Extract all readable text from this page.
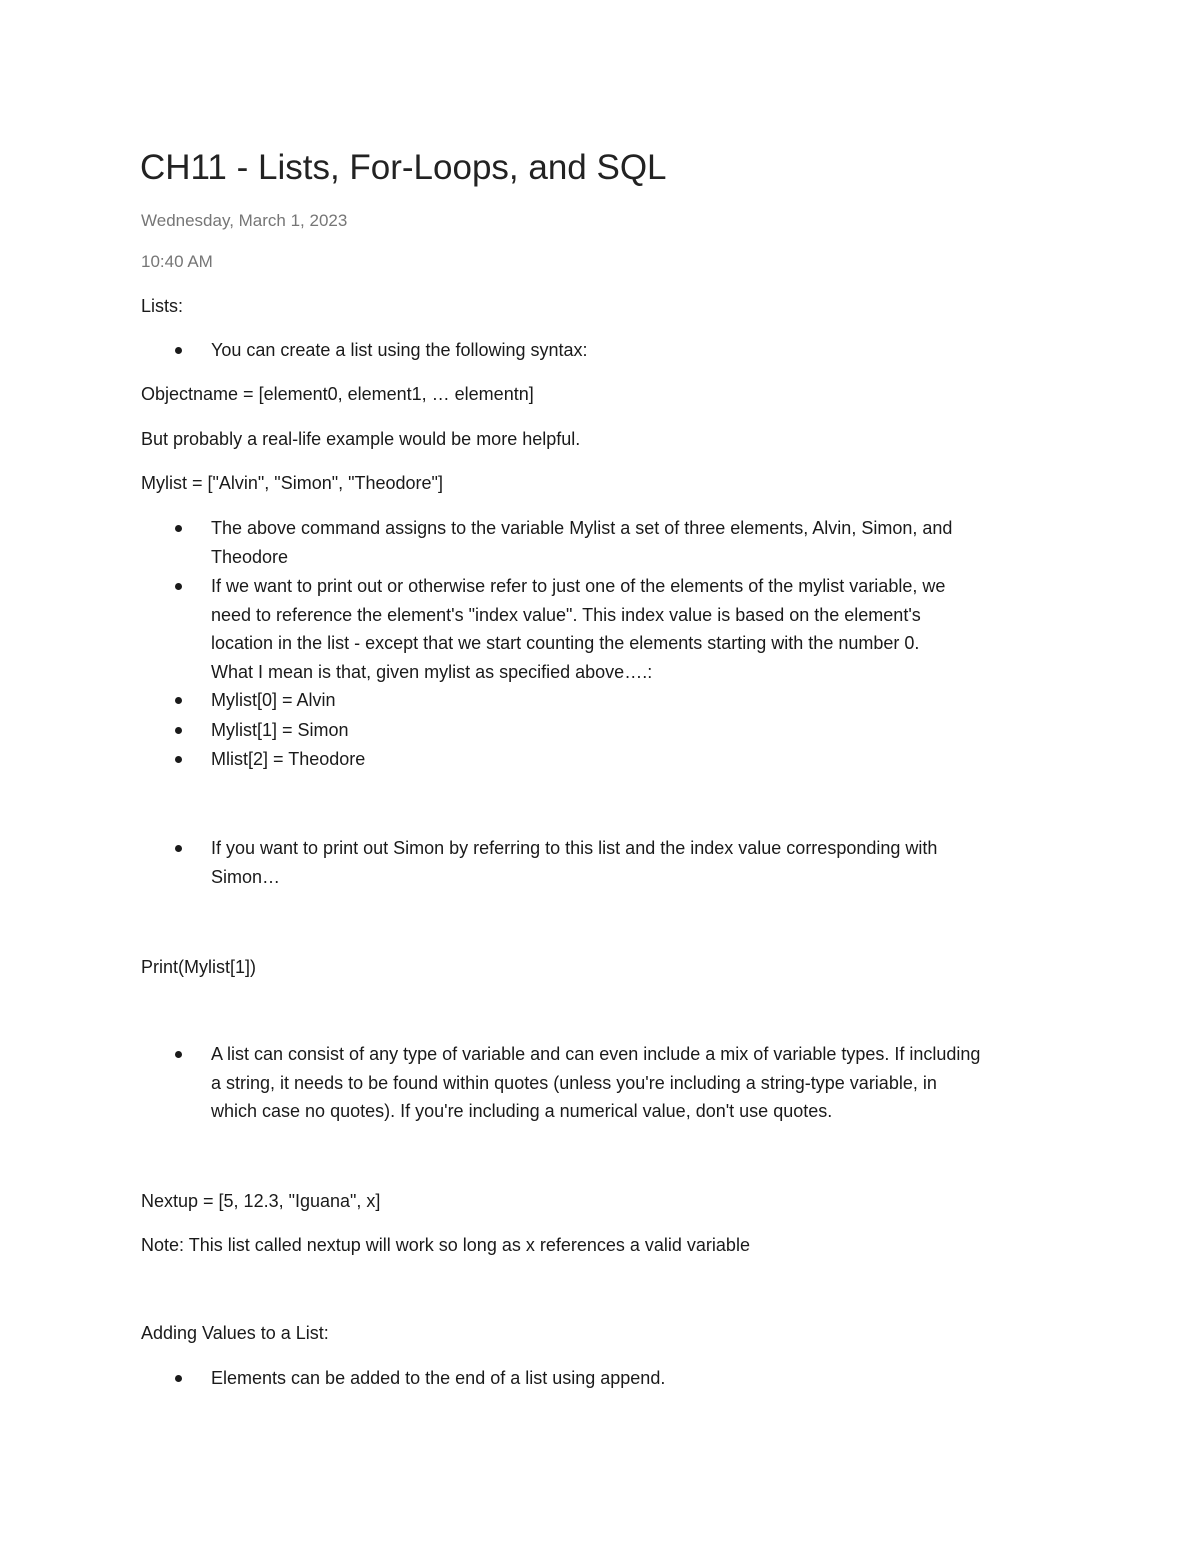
CH11 - Lists, For-Loops, and SQL
Wednesday, March 1, 2023
10:40 AM
Lists:
You can create a list using the following syntax:
Objectname = [element0, element1, … elementn]
But probably a real-life example would be more helpful.
Mylist = ["Alvin", "Simon", "Theodore"]
The above command assigns to the variable Mylist a set of three elements, Alvin, Simon, and
Theodore
If we want to print out or otherwise refer to just one of the elements of the mylist variable, we
need to reference the element's "index value". This index value is based on the element's
location in the list - except that we start counting the elements starting with the number 0.
What I mean is that, given mylist as specified above….:
Mylist[0] = Alvin
Mylist[1] = Simon
Mlist[2] = Theodore
If you want to print out Simon by referring to this list and the index value corresponding with
Simon…
Print(Mylist[1])
A list can consist of any type of variable and can even include a mix of variable types. If including
a string, it needs to be found within quotes (unless you're including a string-type variable, in
which case no quotes). If you're including a numerical value, don't use quotes.
Nextup = [5, 12.3, "Iguana", x]
Note: This list called nextup will work so long as x references a valid variable
Adding Values to a List:
Elements can be added to the end of a list using append.
